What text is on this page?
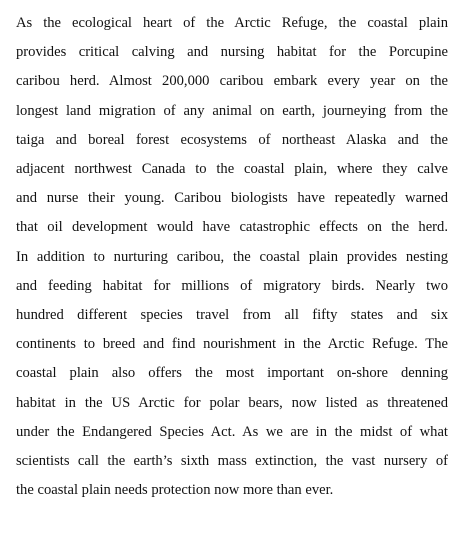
As the ecological heart of the Arctic Refuge, the coastal plain
provides critical calving and nursing habitat for the Porcupine
caribou herd. Almost 200,000 caribou embark every year on the
longest land migration of any animal on earth, journeying from the
taiga and boreal forest ecosystems of northeast Alaska and the
adjacent northwest Canada to the coastal plain, where they calve
and nurse their young. Caribou biologists have repeatedly warned
that oil development would have catastrophic effects on the herd.
In addition to nurturing caribou, the coastal plain provides nesting
and feeding habitat for millions of migratory birds. Nearly two
hundred different species travel from all fifty states and six
continents to breed and find nourishment in the Arctic Refuge. The
coastal plain also offers the most important on-shore denning
habitat in the US Arctic for polar bears, now listed as threatened
under the Endangered Species Act. As we are in the midst of what
scientists call the earth’s sixth mass extinction, the vast nursery of
the coastal plain needs protection now more than ever.
